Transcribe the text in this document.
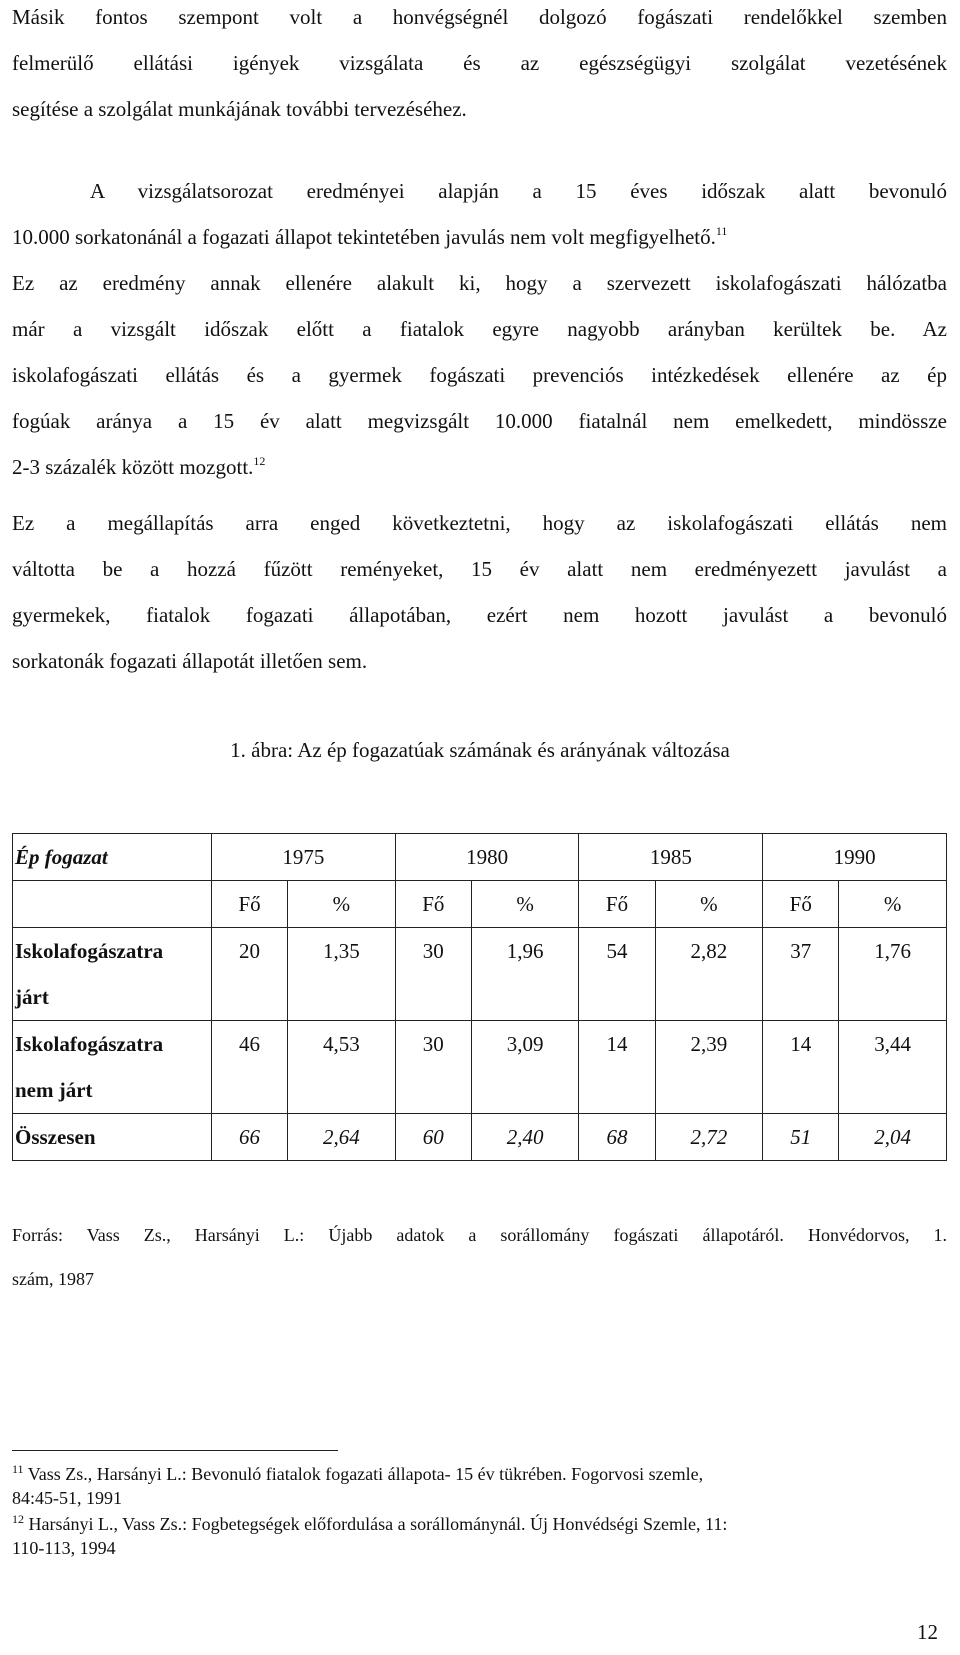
Másik fontos szempont volt a honvégségnél dolgozó fogászati rendelőkkel szemben
felmerülő ellátási igények vizsgálata és az egészségügyi szolgálat vezetésének
segítése a szolgálat munkájának további tervezéséhez.

A vizsgálatsorozat eredményei alapján a 15 éves időszak alatt bevonuló
10.000 sorkatonánál a fogazati állapot tekintetében javulás nem volt megfigyelhető.$^{11}$
Ez az eredmény annak ellenére alakult ki, hogy a szervezett iskolafogászati hálózatba
már a vizsgált időszak előtt a fiatalok egyre nagyobb arányban kerültek be. Az
iskolafogászati ellátás és a gyermek fogászati prevenciós intézkedések ellenére az ép
fogúak aránya a 15 év alatt megvizsgált 10.000 fiatalnál nem emelkedett, mindössze
2-3 százalék között mozgott.$^{12}$

Ez a megállapítás arra enged következtetni, hogy az iskolafogászati ellátás nem
váltotta be a hozzá fűzött reményeket, 15 év alatt nem eredményezett javulást a
gyermekek, fiatalok fogazati állapotában, ezért nem hozott javulást a bevonuló
sorkatonák fogazati állapotát illetően sem.

1. ábra: Az ép fogazatúak számának és arányának változása
Ép fogazat	1975		1980		1985		1990	
	Fő	%	Fő	%	Fő	%	Fő	%
Iskolafogászatra
járt	20	1,35	30	1,96	54	2,82	37	1,76
Iskolafogászatra
nem járt	46	4,53	30	3,09	14	2,39	14	3,44
Összesen	66	2,64	60	2,40	68	2,72	51	2,04

Forrás: Vass Zs., Harsányi L.: Újabb adatok a sorállomány fogászati állapotáról. Honvédorvos, 1.
szám, 1987

$^{11}$ Vass Zs., Harsányi L.: Bevonuló fiatalok fogazati állapota- 15 év tükrében. Fogorvosi szemle,
84:45-51, 1991

$^{12}$ Harsányi L., Vass Zs.: Fogbetegségek előfordulása a sorállománynál. Új Honvédségi Szemle, 11:
110-113, 1994

12
